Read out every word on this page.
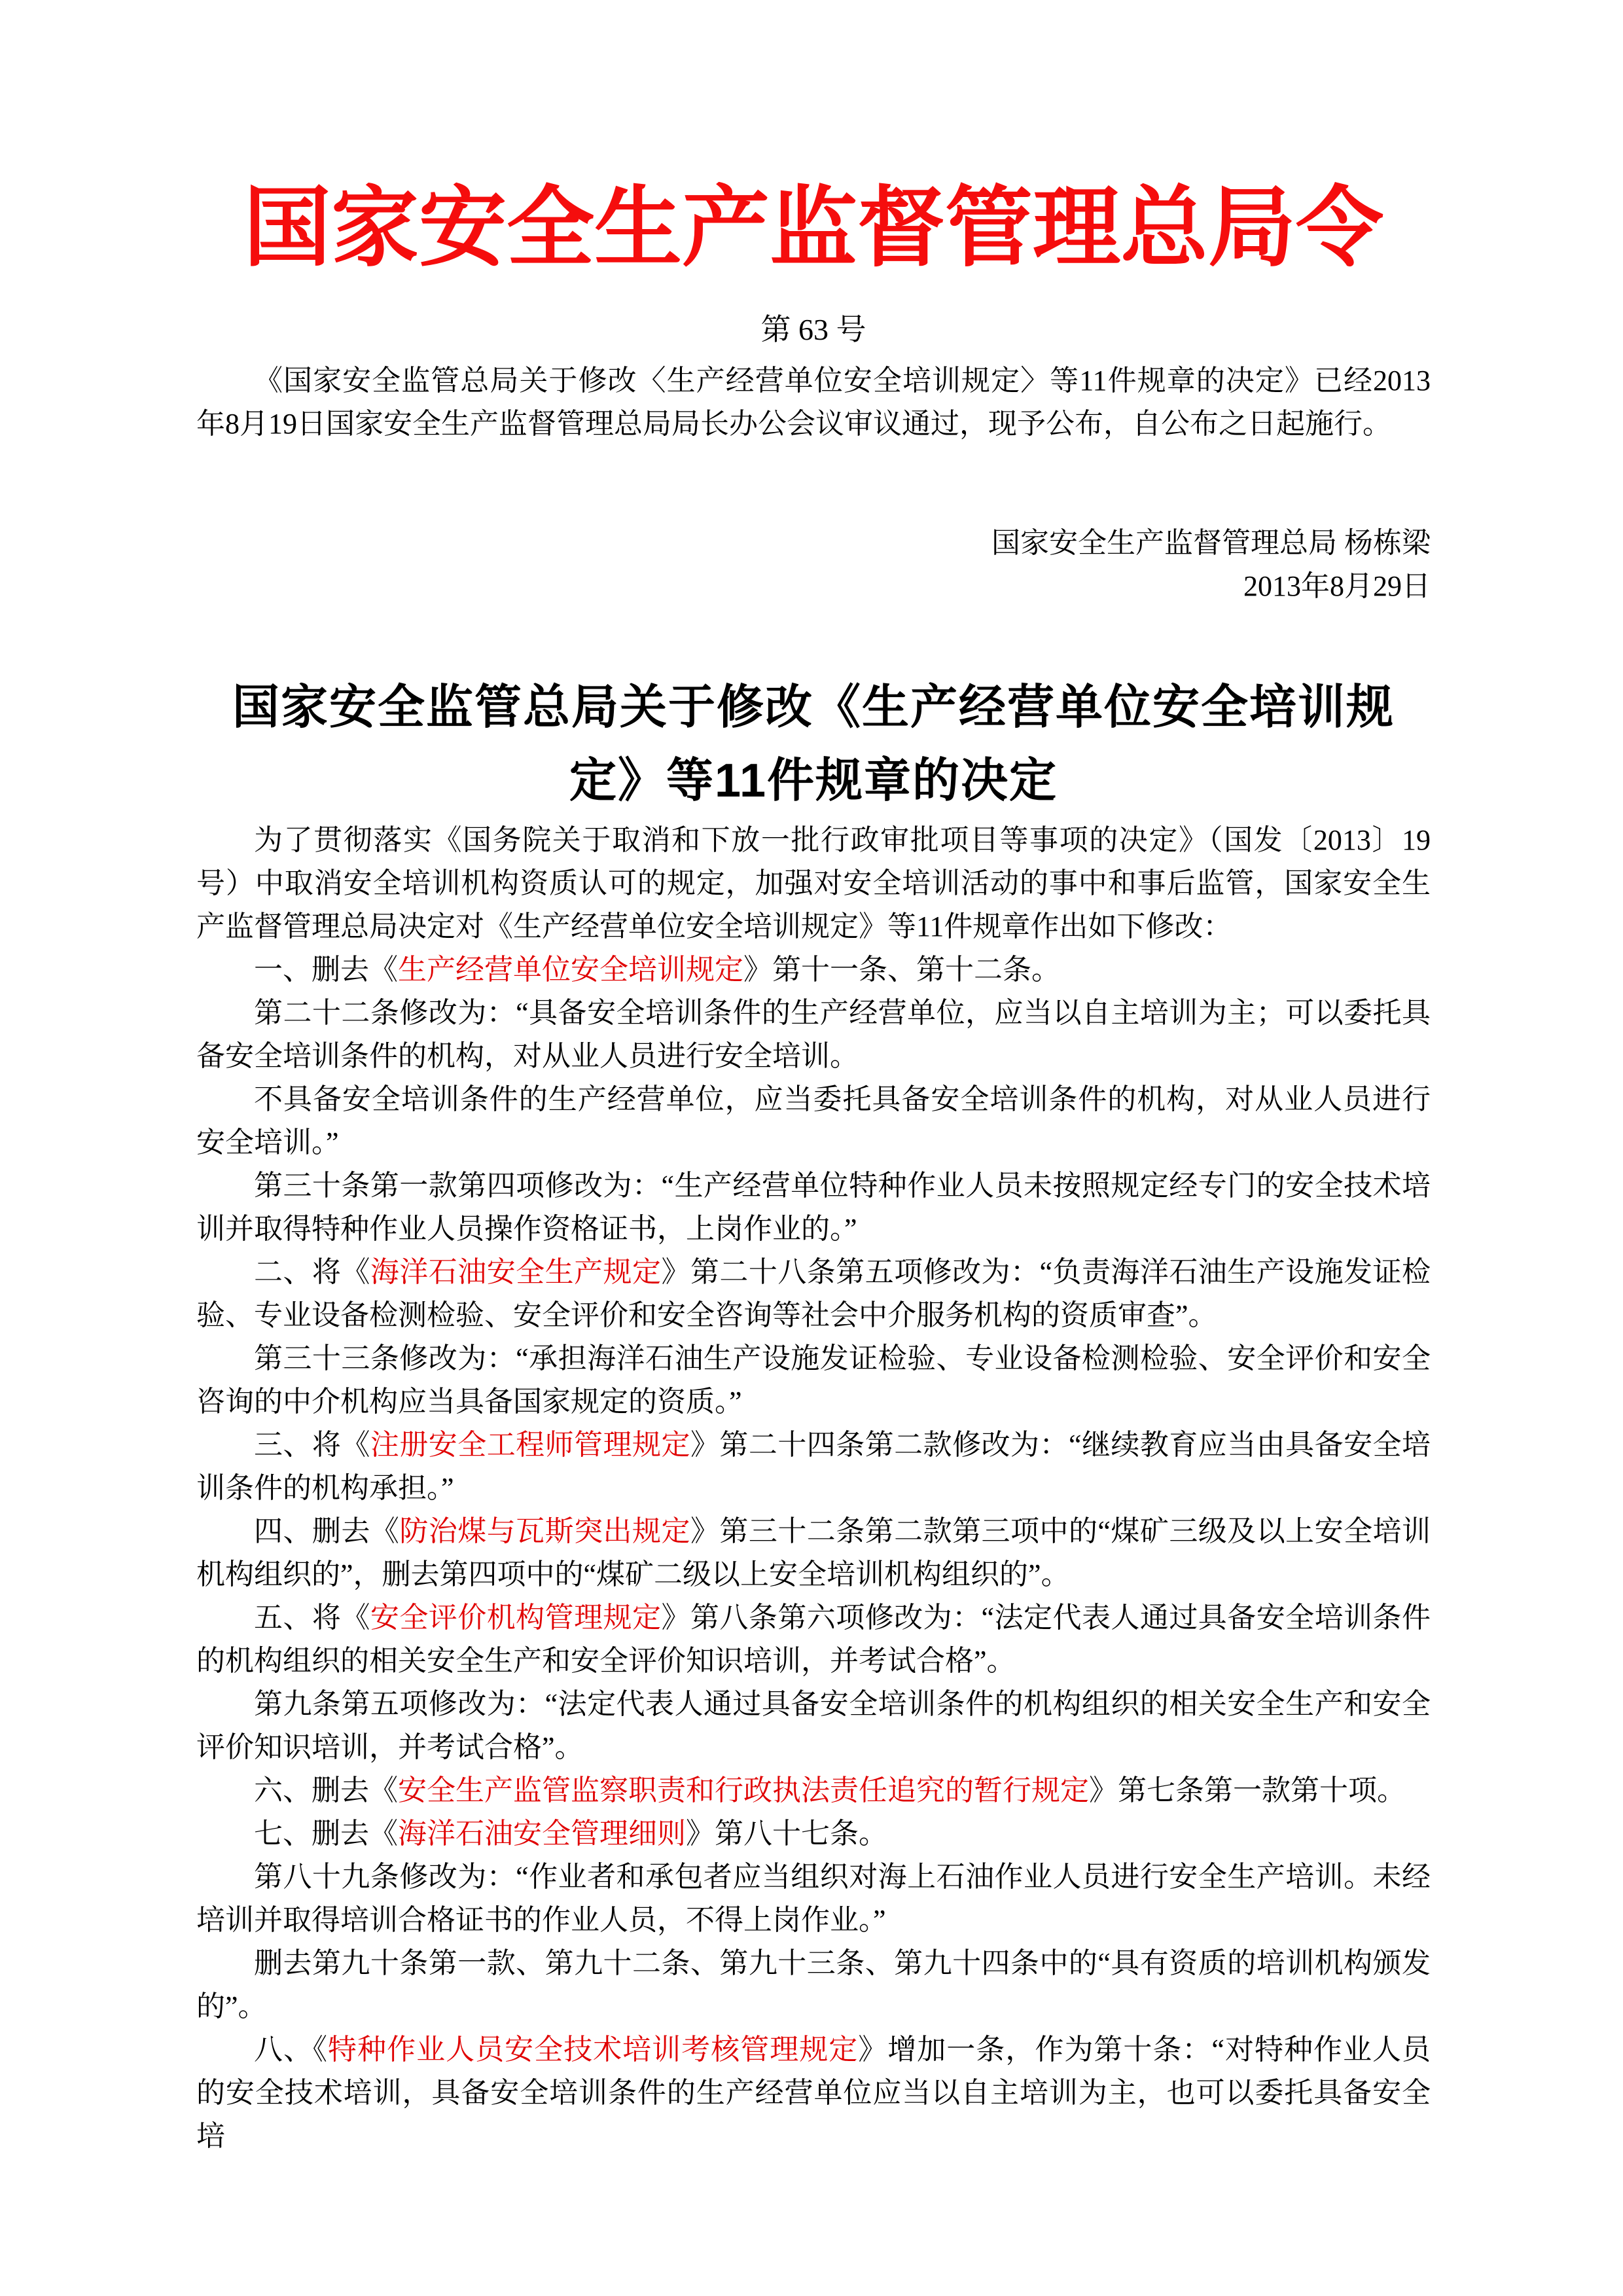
国家安全生产监督管理总局令
第 63 号

《国家安全监管总局关于修改〈生产经营单位安全培训规定〉等11件规章的决定》已经2013年8月19日国家安全生产监督管理总局局长办公会议审议通过，现予公布，自公布之日起施行。

国家安全生产监督管理总局 杨栋梁
2013年8月29日
国家安全监管总局关于修改《生产经营单位安全培训规
定》等11件规章的决定

为了贯彻落实《国务院关于取消和下放一批行政审批项目等事项的决定》（国发〔2013〕19号）中取消安全培训机构资质认可的规定，加强对安全培训活动的事中和事后监管，国家安全生产监督管理总局决定对《生产经营单位安全培训规定》等11件规章作出如下修改：

一、删去《生产经营单位安全培训规定》第十一条、第十二条。

第二十二条修改为：“具备安全培训条件的生产经营单位，应当以自主培训为主；可以委托具备安全培训条件的机构，对从业人员进行安全培训。

不具备安全培训条件的生产经营单位，应当委托具备安全培训条件的机构，对从业人员进行安全培训。”

第三十条第一款第四项修改为：“生产经营单位特种作业人员未按照规定经专门的安全技术培训并取得特种作业人员操作资格证书，上岗作业的。”

二、将《海洋石油安全生产规定》第二十八条第五项修改为：“负责海洋石油生产设施发证检验、专业设备检测检验、安全评价和安全咨询等社会中介服务机构的资质审查”。

第三十三条修改为：“承担海洋石油生产设施发证检验、专业设备检测检验、安全评价和安全咨询的中介机构应当具备国家规定的资质。”

三、将《注册安全工程师管理规定》第二十四条第二款修改为：“继续教育应当由具备安全培训条件的机构承担。”

四、删去《防治煤与瓦斯突出规定》第三十二条第二款第三项中的“煤矿三级及以上安全培训机构组织的”，删去第四项中的“煤矿二级以上安全培训机构组织的”。

五、将《安全评价机构管理规定》第八条第六项修改为：“法定代表人通过具备安全培训条件的机构组织的相关安全生产和安全评价知识培训，并考试合格”。

第九条第五项修改为：“法定代表人通过具备安全培训条件的机构组织的相关安全生产和安全评价知识培训，并考试合格”。

六、删去《安全生产监管监察职责和行政执法责任追究的暂行规定》第七条第一款第十项。

七、删去《海洋石油安全管理细则》第八十七条。

第八十九条修改为：“作业者和承包者应当组织对海上石油作业人员进行安全生产培训。未经培训并取得培训合格证书的作业人员，不得上岗作业。”

删去第九十条第一款、第九十二条、第九十三条、第九十四条中的“具有资质的培训机构颁发的”。

八、《特种作业人员安全技术培训考核管理规定》增加一条，作为第十条：“对特种作业人员的安全技术培训，具备安全培训条件的生产经营单位应当以自主培训为主，也可以委托具备安全培
